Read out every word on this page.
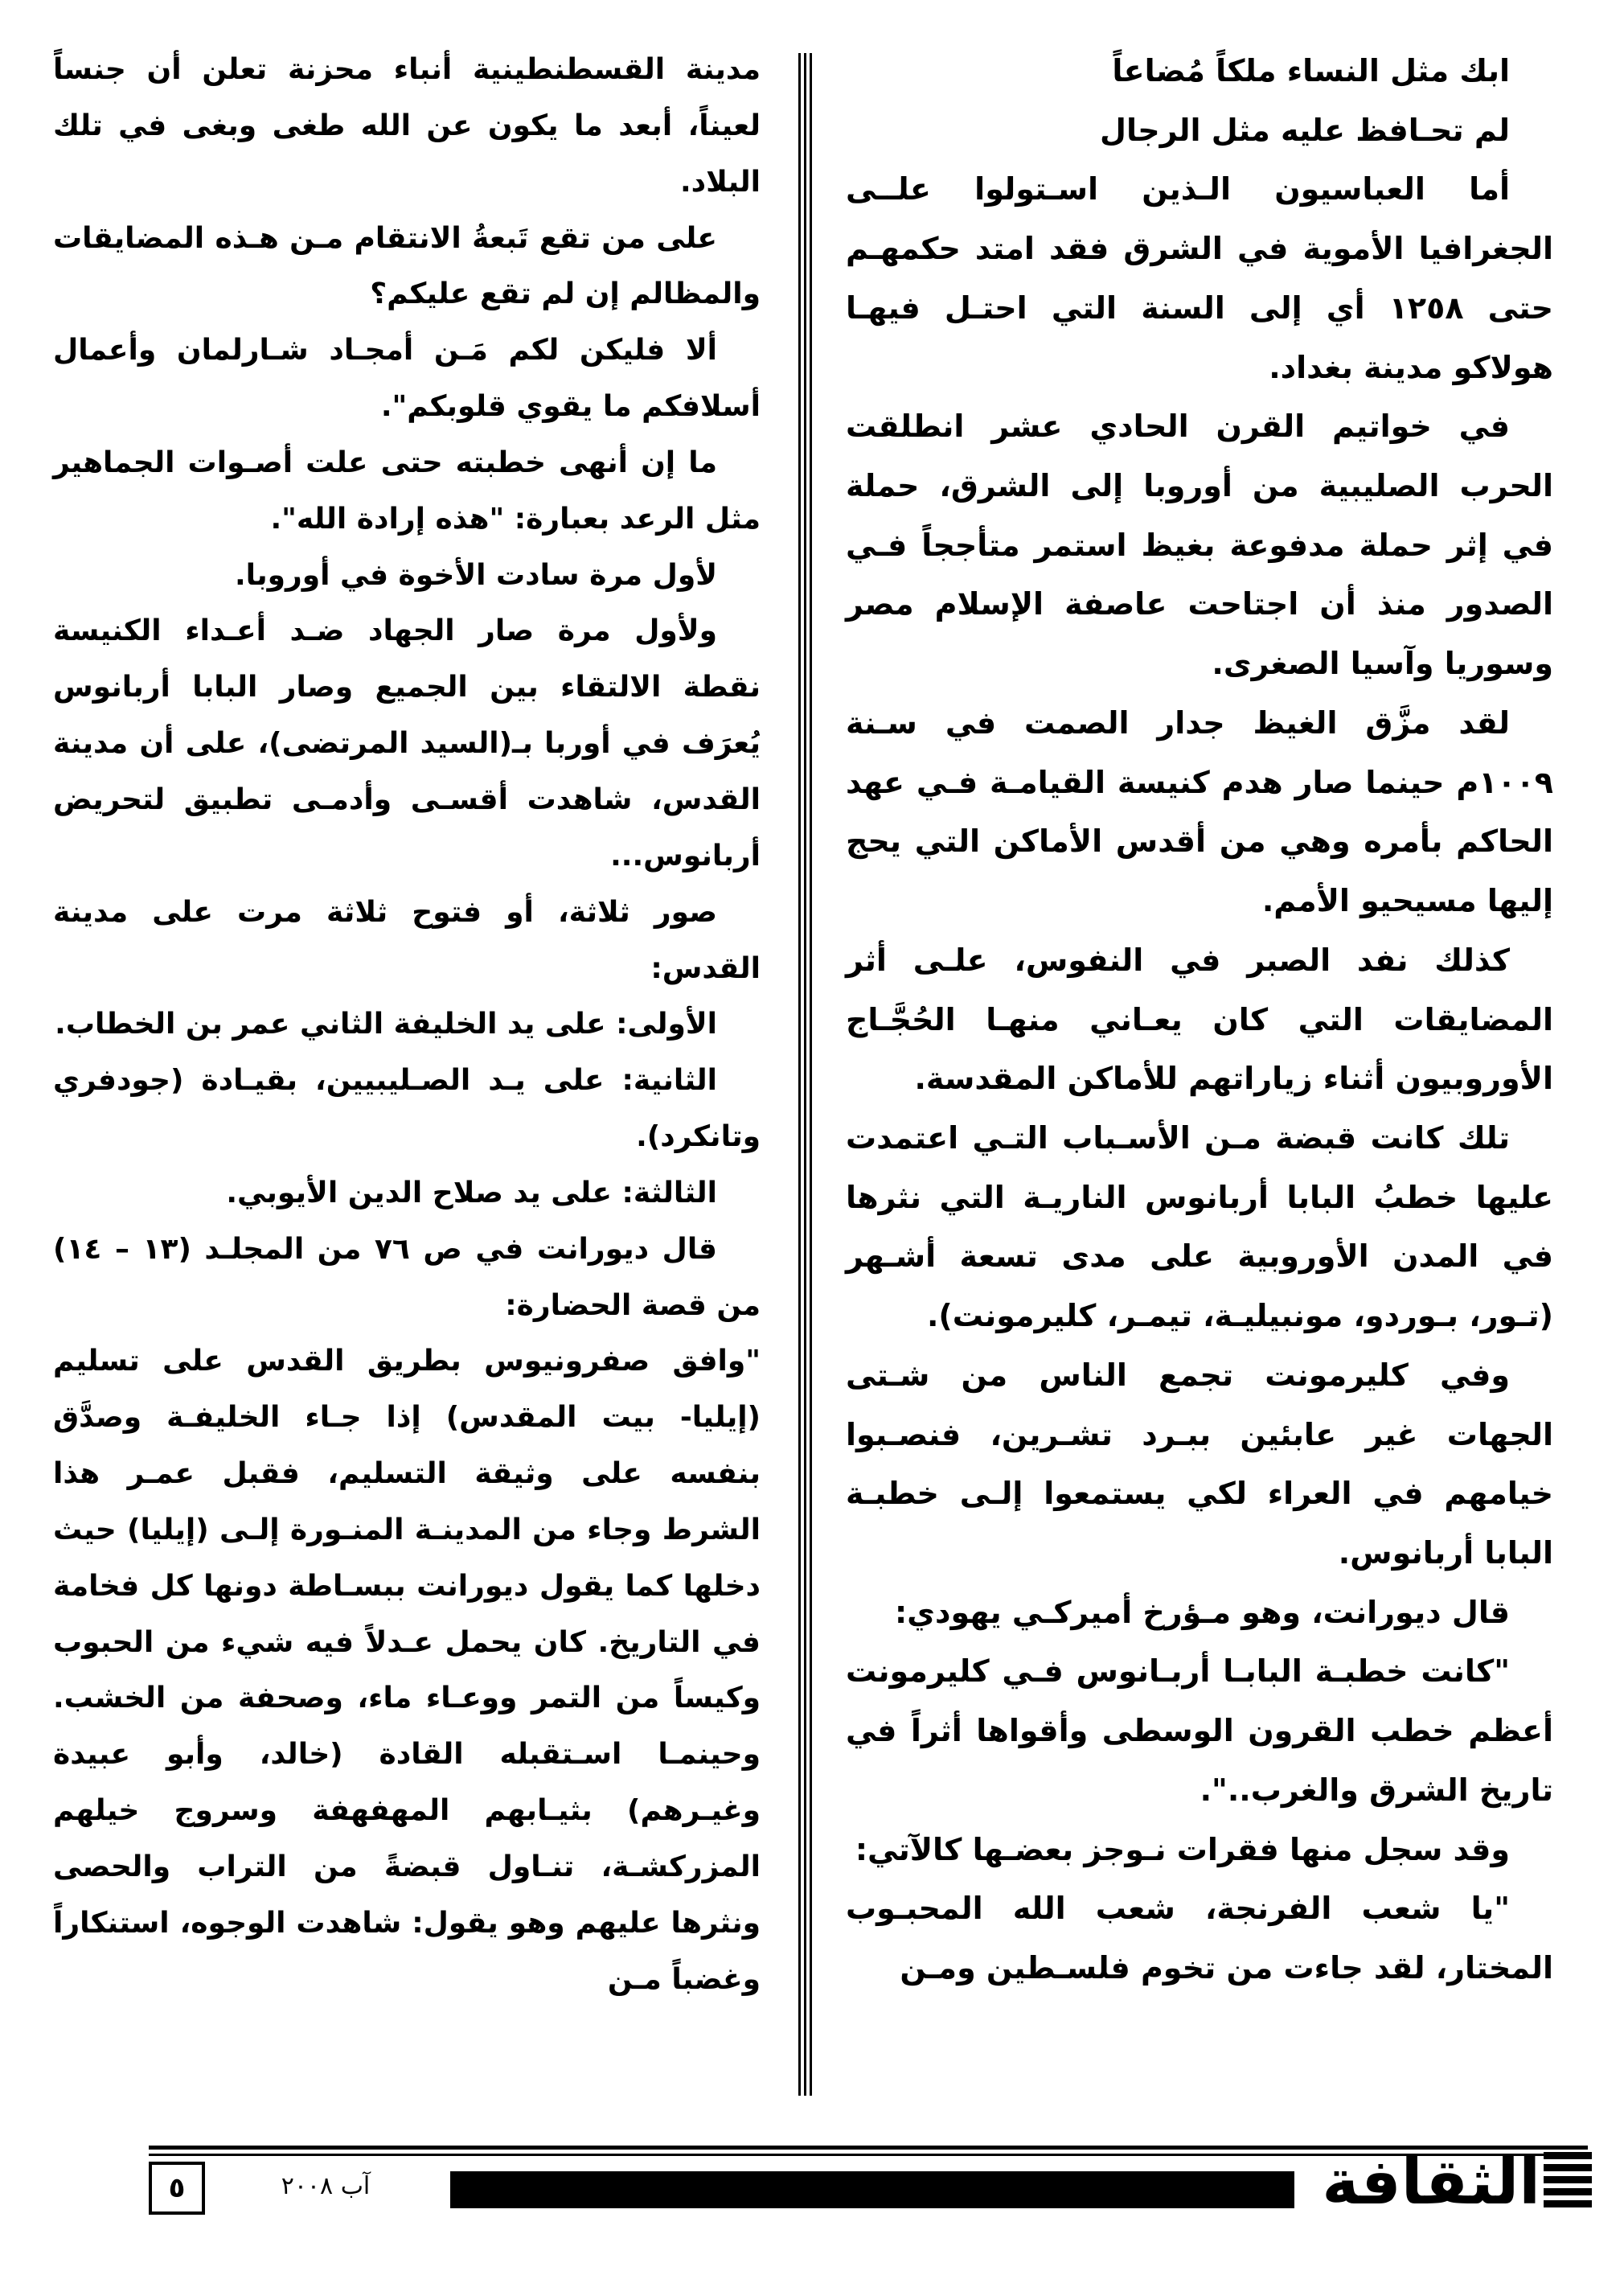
ابك مثل النساء ملكاً مُضاعاً

لم تحـافظ عليه مثل الرجال

أما العباسيون الـذين اسـتولوا علــى الجغرافيا الأموية في الشرق فقد امتد حكمهـم حتى ١٢٥٨ أي إلى السنة التي احتـل فيهـا هولاكو مدينة بغداد.

في خواتيم القرن الحادي عشر انطلقت الحرب الصليبية من أوروبا إلى الشرق، حملة في إثر حملة مدفوعة بغيظ استمر متأججاً فـي الصدور منذ أن اجتاحت عاصفة الإسلام مصر وسوريا وآسيا الصغرى.

لقد مزَّق الغيظ جدار الصمت في سـنة ١٠٠٩م حينما صار هدم كنيسة القيامـة فـي عهد الحاكم بأمره وهي من أقدس الأماكن التي يحج إليها مسيحيو الأمم.

كذلك نفد الصبر في النفوس، علـى أثر المضايقات التي كان يعـاني منهـا الحُجَّـاج الأوروبيون أثناء زياراتهم للأماكن المقدسة.

تلك كانت قبضة مـن الأسـباب التـي اعتمدت عليها خطبُ البابا أربانوس الناريـة التي نثرها في المدن الأوروبية على مدى تسعة أشـهر (تـور، بـوردو، مونبيليـة، تيمـر، كليرمونت).

وفي كليرمونت تجمع الناس من شـتى الجهات غير عابئين ببـرد تشـرين، فنصـبوا خيامهم في العراء لكي يستمعوا إلـى خطبـة البابا أربانوس.

قال ديورانت، وهو مـؤرخ أميركـي يهودي:

"كانت خطبـة البابـا أربـانوس فـي كليرمونت أعظم خطب القرون الوسطى وأقواها أثراً في تاريخ الشرق والغرب..".

وقد سجل منها فقرات نـوجز بعضـها كالآتي:

"يا شعب الفرنجة، شعب الله المحبـوب المختار، لقد جاءت من تخوم فلسـطين ومـن

مدينة القسطنطينية أنباء محزنة تعلن أن جنساً لعيناً، أبعد ما يكون عن الله طغى وبغى في تلك البلاد.

على من تقع تَبعةُ الانتقام مـن هـذه المضايقات والمظالم إن لم تقع عليكم؟

ألا فليكن لكم مَـن أمجـاد شـارلمان وأعمال أسلافكم ما يقوي قلوبكم".

ما إن أنهى خطبته حتى علت أصـوات الجماهير مثل الرعد بعبارة: "هذه إرادة الله".

لأول مرة سادت الأخوة في أوروبا.

ولأول مرة صار الجهاد ضـد أعـداء الكنيسة نقطة الالتقاء بين الجميع وصار البابا أربانوس يُعرَف في أوربا بـ(السيد المرتضى)، على أن مدينة القدس، شاهدت أقسـى وأدمـى تطبيق لتحريض أربانوس...

صور ثلاثة، أو فتوح ثلاثة مرت على مدينة القدس:

الأولى: على يد الخليفة الثاني عمر بن الخطاب.

الثانية: على يـد الصـليبيين، بقيـادة (جودفري وتانكرد).

الثالثة: على يد صلاح الدين الأيوبي.

قال ديورانت في ص ٧٦ من المجلـد (١٣ – ١٤) من قصة الحضارة:

"وافق صفرونيوس بطريق القدس على تسليم (إيليا- بيت المقدس) إذا جـاء الخليفـة وصدَّق بنفسه على وثيقة التسليم، فقبل عمـر هذا الشرط وجاء من المدينـة المنـورة إلـى (إيليا) حيث دخلها كما يقول ديورانت ببسـاطة دونها كل فخامة في التاريخ. كان يحمل عـدلاً فيه شيء من الحبوب وكيساً من التمر ووعـاء ماء، وصحفة من الخشب. وحينمـا اسـتقبله القادة (خالد، وأبو عبيدة وغيـرهم) بثيـابهم المهفهفة وسروج خيلهم المزركشـة، تنـاول قبضةً من التراب والحصى ونثرها عليهم وهو يقول: شاهدت الوجوه، استنكاراً وغضباً مـن

الثقافة
آب ٢٠٠٨
٥
